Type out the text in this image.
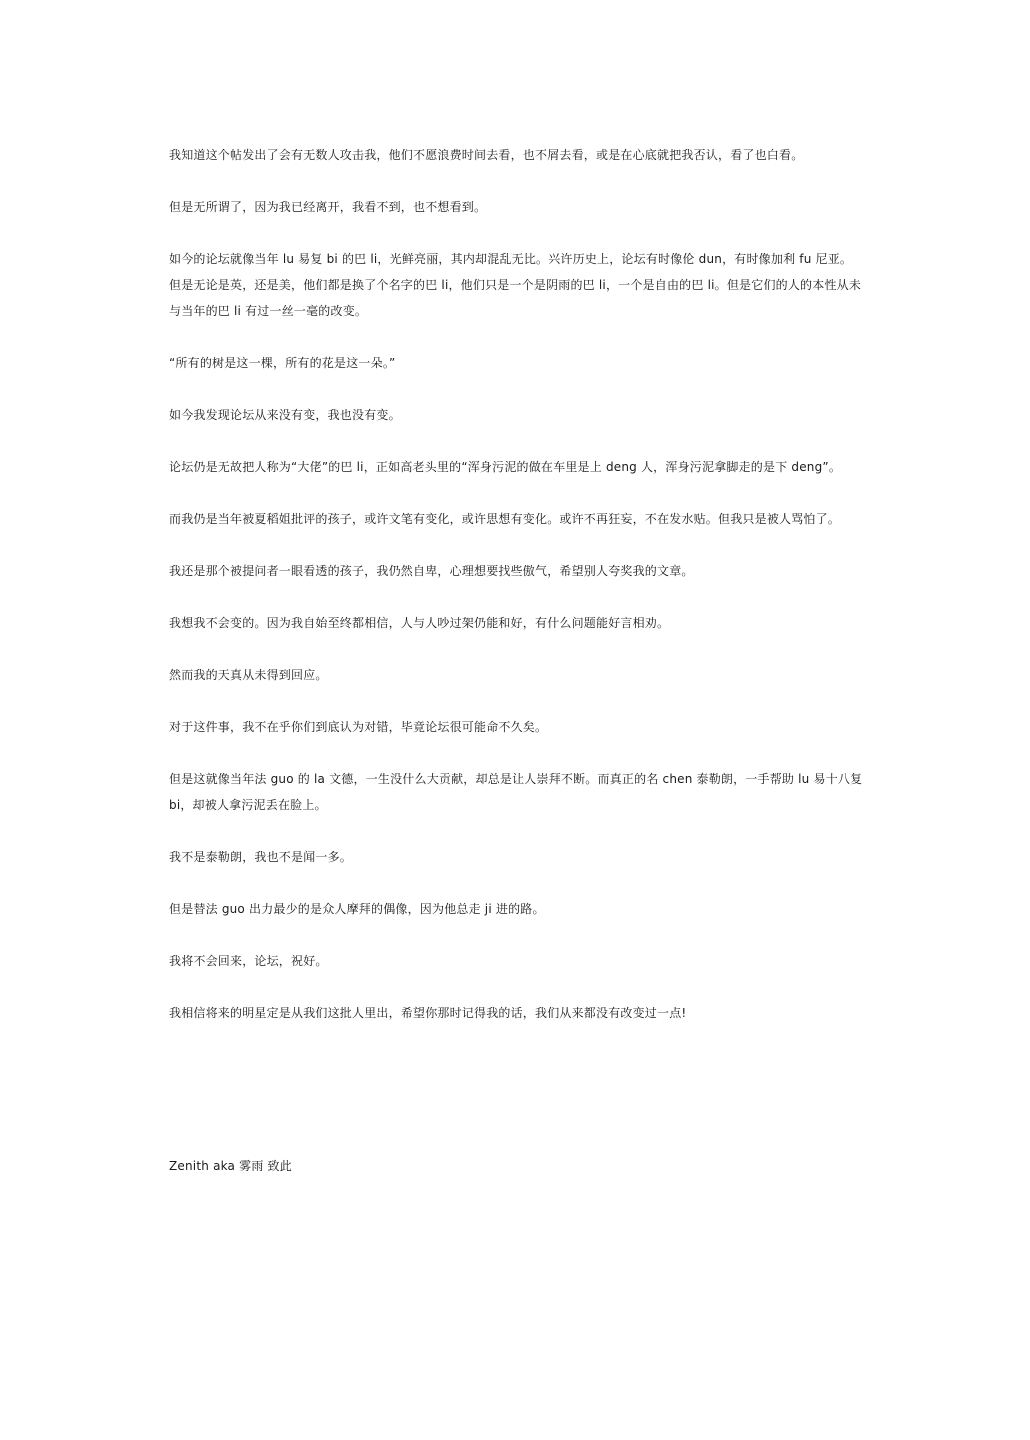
我知道这个帖发出了会有无数人攻击我，他们不愿浪费时间去看，也不屑去看，或是在心底就把我否认，看了也白看。

但是无所谓了，因为我已经离开，我看不到，也不想看到。

如今的论坛就像当年 lu 易复 bi 的巴 li，光鲜亮丽，其内却混乱无比。兴许历史上，论坛有时像伦 dun，有时像加利 fu 尼亚。但是无论是英，还是美，他们都是换了个名字的巴 li，他们只是一个是阴雨的巴 li，一个是自由的巴 li。但是它们的人的本性从未与当年的巴 li 有过一丝一毫的改变。

“所有的树是这一棵，所有的花是这一朵。”

如今我发现论坛从来没有变，我也没有变。

论坛仍是无故把人称为“大佬”的巴 li，正如高老头里的“浑身污泥的做在车里是上 deng 人，浑身污泥拿脚走的是下 deng”。

而我仍是当年被夏稻姐批评的孩子，或许文笔有变化，或许思想有变化。或许不再狂妄，不在发水贴。但我只是被人骂怕了。

我还是那个被提问者一眼看透的孩子，我仍然自卑，心理想要找些傲气，希望别人夸奖我的文章。

我想我不会变的。因为我自始至终都相信，人与人吵过架仍能和好，有什么问题能好言相劝。

然而我的天真从未得到回应。

对于这件事，我不在乎你们到底认为对错，毕竟论坛很可能命不久矣。

但是这就像当年法 guo 的 la 文德，一生没什么大贡献，却总是让人崇拜不断。而真正的名 chen 泰勒朗，一手帮助 lu 易十八复 bi，却被人拿污泥丢在脸上。

我不是泰勒朗，我也不是闻一多。

但是替法 guo 出力最少的是众人摩拜的偶像，因为他总走 ji 进的路。

我将不会回来，论坛，祝好。

我相信将来的明星定是从我们这批人里出，希望你那时记得我的话，我们从来都没有改变过一点!

Zenith aka 雾雨 致此
